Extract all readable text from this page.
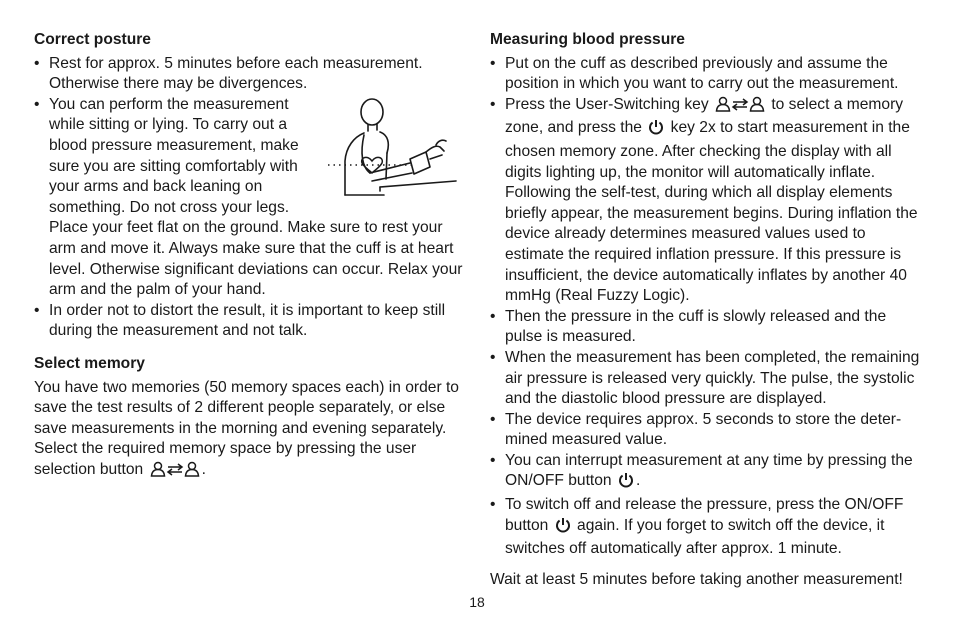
Correct posture
• Rest for approx. 5 minutes before each measurement. Otherwise there may be divergences.
• You can perform the measurement while sitting or lying. To carry out a blood pressure measurement, make sure you are sitting comfortably with your arms and back leaning on something. Do not cross your legs. Place your feet flat on the ground. Make sure to rest your arm and move it. Always make sure that the cuff is at heart level. Otherwise significant deviations can occur. Relax your arm and the palm of your hand.
• In order not to distort the result, it is important to keep still during the measurement and not talk.
Select memory

You have two memories (50 memory spaces each) in order to save the test results of 2 different people separately, or else save measurements in the morning and evening separately. Select the required memory space by pressing the user selection button	.

Measuring blood pressure
• Put on the cuff as described previously and assume the position in which you want to carry out the measurement.
• Press the User-Switching key	to select a memory zone, and press the key 2x to start measurement in the chosen memory zone. After checking the display with all digits lighting up, the monitor will automatically inflate. Following the self-test, during which all display elements briefly appear, the measurement begins. During inflation the device already determines measured values used to estimate the required inflation pressure. If this pressure is insufficient, the device automatically inflates by another 40 mmHg (Real Fuzzy Logic).
• Then the pressure in the cuff is slowly released and the pulse is measured.
• When the measurement has been completed, the remaining air pressure is released very quickly. The pulse, the systolic and the diastolic blood pressure are displayed.
• The device requires approx. 5 seconds to store the determined measured value.
• You can interrupt measurement at any time by pressing the ON/OFF button .
• To switch off and release the pressure, press the ON/OFF button again. If you forget to switch off the device, it switches off automatically after approx. 1 minute.

Wait at least 5 minutes before taking another measurement!

18
